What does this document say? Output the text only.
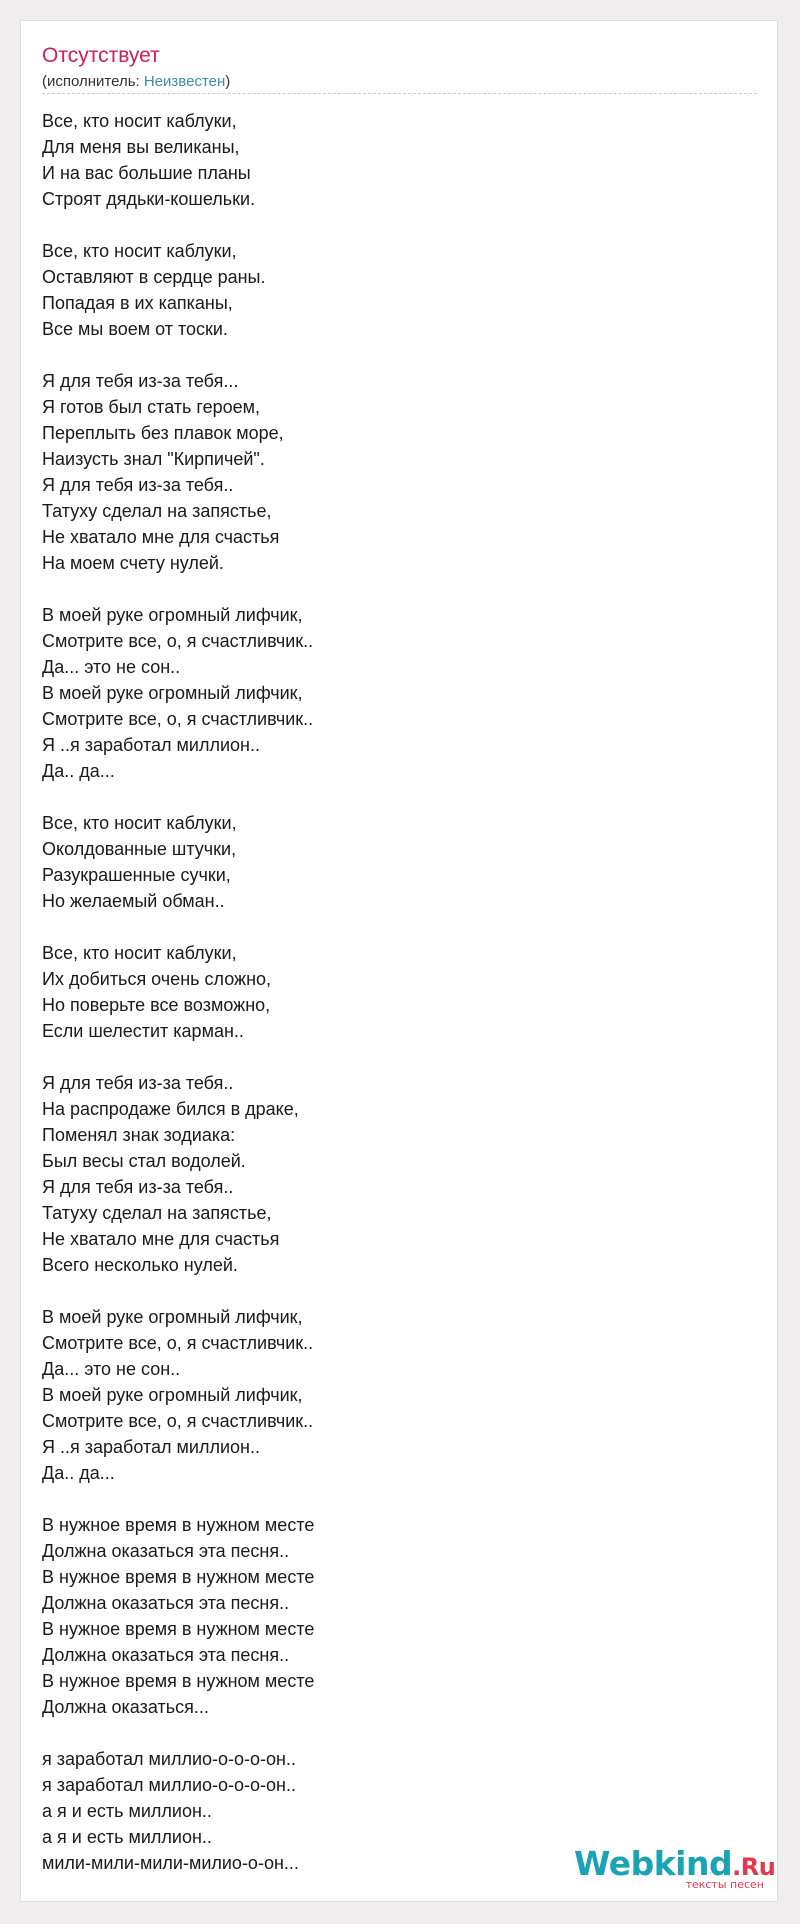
Отсутствует
(исполнитель: Неизвестен)
Все, кто носит каблуки,
Для меня вы великаны,
И на вас большие планы
Строят дядьки-кошельки.
Все, кто носит каблуки,
Оставляют в сердце раны.
Попадая в их капканы,
Все мы воем от тоски.
Я для тебя из-за тебя...
Я готов был стать героем,
Переплыть без плавок море,
Наизусть знал "Кирпичей".
Я для тебя из-за тебя..
Татуху сделал на запястье,
Не хватало мне для счастья
На моем счету нулей.
В моей руке огромный лифчик,
Смотрите все, о, я счастливчик..
Да... это не сон..
В моей руке огромный лифчик,
Смотрите все, о, я счастливчик..
Я ..я заработал миллион..
Да.. да...
Все, кто носит каблуки,
Околдованные штучки,
Разукрашенные сучки,
Но желаемый обман..
Все, кто носит каблуки,
Их добиться очень сложно,
Но поверьте все возможно,
Если шелестит карман..
Я для тебя из-за тебя..
На распродаже бился в драке,
Поменял знак зодиака:
Был весы стал водолей.
Я для тебя из-за тебя..
Татуху сделал на запястье,
Не хватало мне для счастья
Всего несколько нулей.
В моей руке огромный лифчик,
Смотрите все, о, я счастливчик..
Да... это не сон..
В моей руке огромный лифчик,
Смотрите все, о, я счастливчик..
Я ..я заработал миллион..
Да.. да...
В нужное время в нужном месте
Должна оказаться эта песня..
В нужное время в нужном месте
Должна оказаться эта песня..
В нужное время в нужном месте
Должна оказаться эта песня..
В нужное время в нужном месте
Должна оказаться...
я заработал миллио-о-о-о-он..
я заработал миллио-о-о-о-он..
а я и есть миллион..
а я и есть миллион..
мили-мили-мили-милио-о-он...	Webkind.Ru
тексты песен
